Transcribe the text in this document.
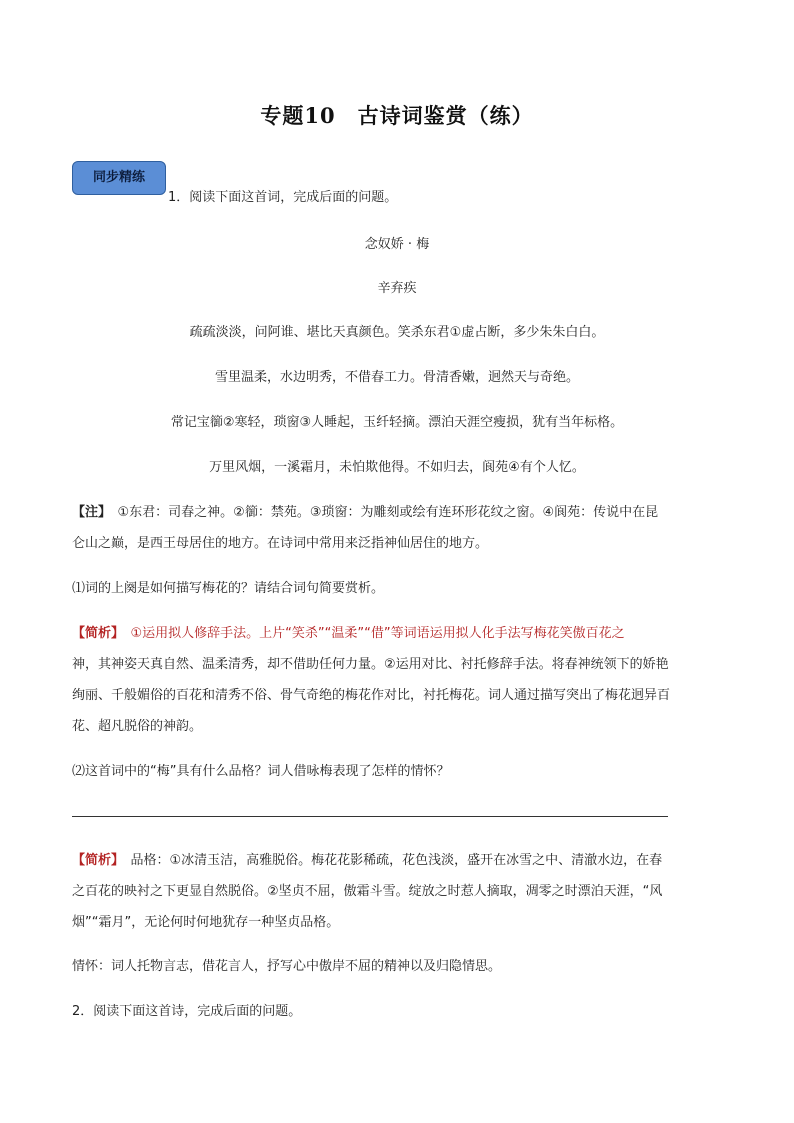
专题10　古诗词鉴赏（练）
同步精练
1．阅读下面这首词，完成后面的问题。
念奴娇 · 梅
辛弃疾
疏疏淡淡，问阿谁、堪比天真颜色。笑杀东君①虚占断，多少朱朱白白。
雪里温柔，水边明秀，不借春工力。骨清香嫩，迥然天与奇绝。
常记宝篽②寒轻，琐窗③人睡起，玉纤轻摘。漂泊天涯空瘦损，犹有当年标格。
万里风烟，一溪霜月，未怕欺他得。不如归去，阆苑④有个人忆。
【注】　①东君：司春之神。②篽：禁苑。③琐窗：为雕刻或绘有连环形花纹之窗。④阆苑：传说中在昆
仑山之巅，是西王母居住的地方。在诗词中常用来泛指神仙居住的地方。
⑴词的上阕是如何描写梅花的？请结合词句简要赏析。
【简析】　①运用拟人修辞手法。上片“笑杀”“温柔”“借”等词语运用拟人化手法写梅花笑傲百花之
神，其神姿天真自然、温柔清秀，却不借助任何力量。②运用对比、衬托修辞手法。将春神统领下的娇艳
绚丽、千般媚俗的百花和清秀不俗、骨气奇绝的梅花作对比，衬托梅花。词人通过描写突出了梅花迥异百
花、超凡脱俗的神韵。
⑵这首词中的“梅”具有什么品格？词人借咏梅表现了怎样的情怀？
【简析】　品格：①冰清玉洁，高雅脱俗。梅花花影稀疏，花色浅淡，盛开在冰雪之中、清澈水边，在春
之百花的映衬之下更显自然脱俗。②坚贞不屈，傲霜斗雪。绽放之时惹人摘取，凋零之时漂泊天涯，“风
烟”“霜月”，无论何时何地犹存一种坚贞品格。
情怀：词人托物言志，借花言人，抒写心中傲岸不屈的精神以及归隐情思。
2．阅读下面这首诗，完成后面的问题。
